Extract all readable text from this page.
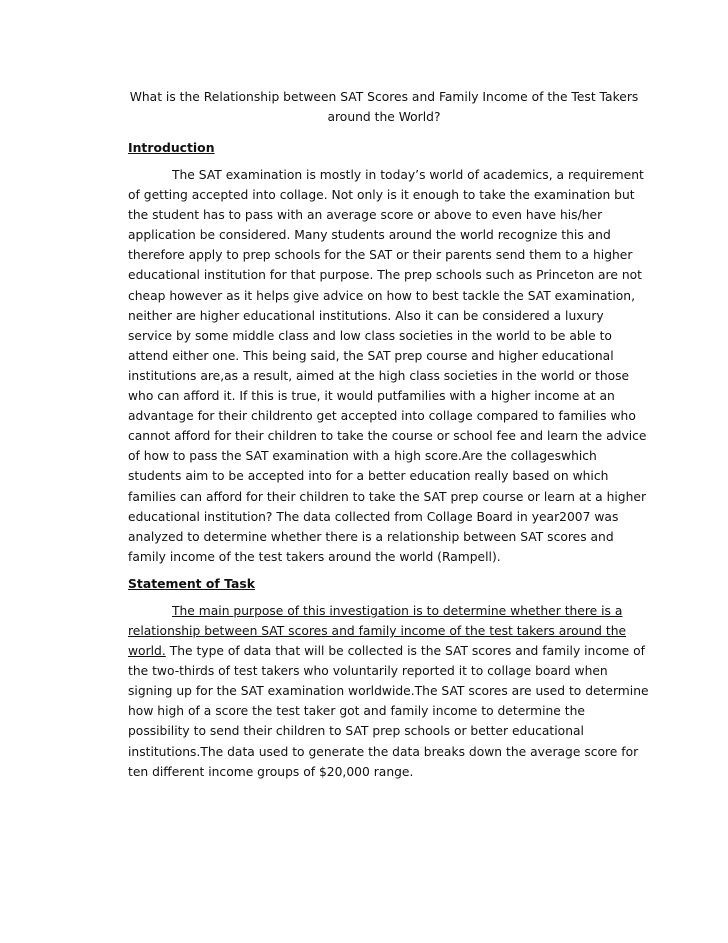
What is the Relationship between SAT Scores and Family Income of the Test Takers
around the World?
Introduction

The SAT examination is mostly in today’s world of academics, a requirement of getting accepted into collage. Not only is it enough to take the examination but the student has to pass with an average score or above to even have his/her application be considered. Many students around the world recognize this and therefore apply to prep schools for the SAT or their parents send them to a higher educational institution for that purpose. The prep schools such as Princeton are not cheap however as it helps give advice on how to best tackle the SAT examination, neither are higher educational institutions. Also it can be considered a luxury service by some middle class and low class societies in the world to be able to attend either one. This being said, the SAT prep course and higher educational institutions are,as a result, aimed at the high class societies in the world or those who can afford it. If this is true, it would putfamilies with a higher income at an advantage for their childrento get accepted into collage compared to families who cannot afford for their children to take the course or school fee and learn the advice of how to pass the SAT examination with a high score.Are the collageswhich students aim to be accepted into for a better education really based on which families can afford for their children to take the SAT prep course or learn at a higher educational institution? The data collected from Collage Board in year2007 was analyzed to determine whether there is a relationship between SAT scores and family income of the test takers around the world (Rampell).

Statement of Task

The main purpose of this investigation is to determine whether there is a relationship between SAT scores and family income of the test takers around the world. The type of data that will be collected is the SAT scores and family income of the two-thirds of test takers who voluntarily reported it to collage board when signing up for the SAT examination worldwide.The SAT scores are used to determine how high of a score the test taker got and family income to determine the possibility to send their children to SAT prep schools or better educational institutions.The data used to generate the data breaks down the average score for ten different income groups of $20,000 range.
